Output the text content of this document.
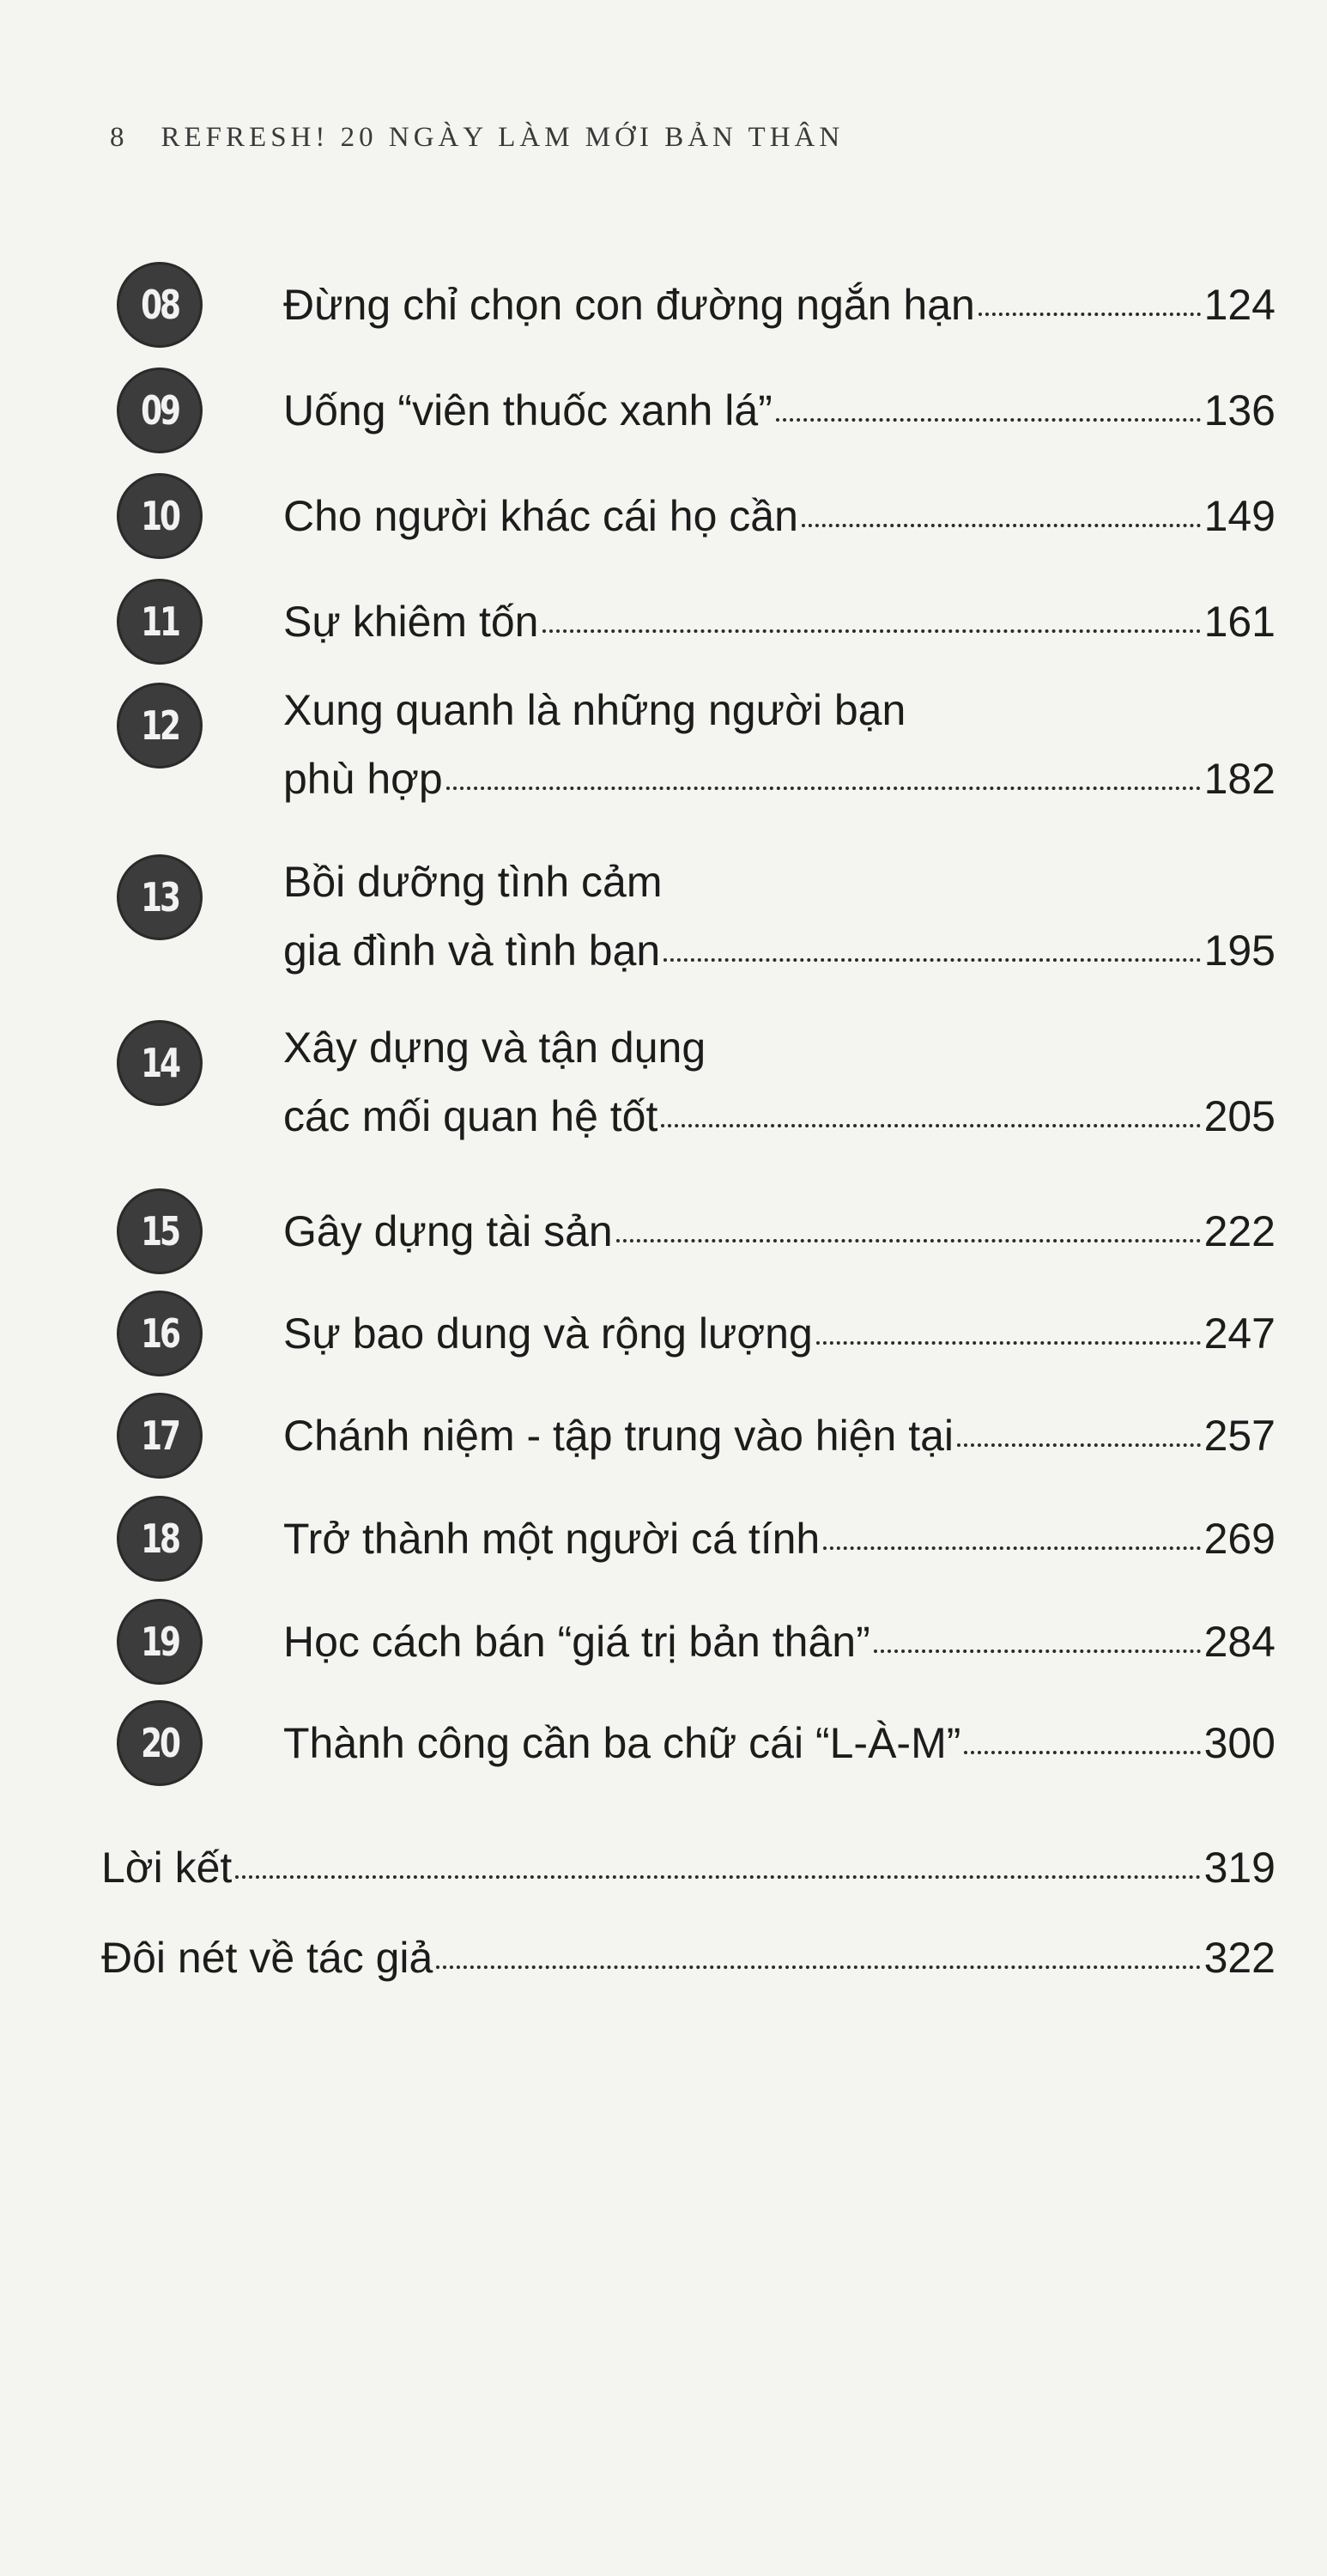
8 REFRESH! 20 NGÀY LÀM MỚI BẢN THÂN
08 Đừng chỉ chọn con đường ngắn hạn	124
09 Uống “viên thuốc xanh lá”	136
10 Cho người khác cái họ cần	149
11 Sự khiêm tốn	161
12 Xung quanh là những người bạn
phù hợp	182
13 Bồi dưỡng tình cảm
gia đình và tình bạn	195
14 Xây dựng và tận dụng
các mối quan hệ tốt	205
15 Gây dựng tài sản	222
16 Sự bao dung và rộng lượng	247
17 Chánh niệm - tập trung vào hiện tại	257
18 Trở thành một người cá tính	269
19 Học cách bán “giá trị bản thân”	284
20 Thành công cần ba chữ cái “L-À-M”	300
Lời kết	319
Đôi nét về tác giả	322
